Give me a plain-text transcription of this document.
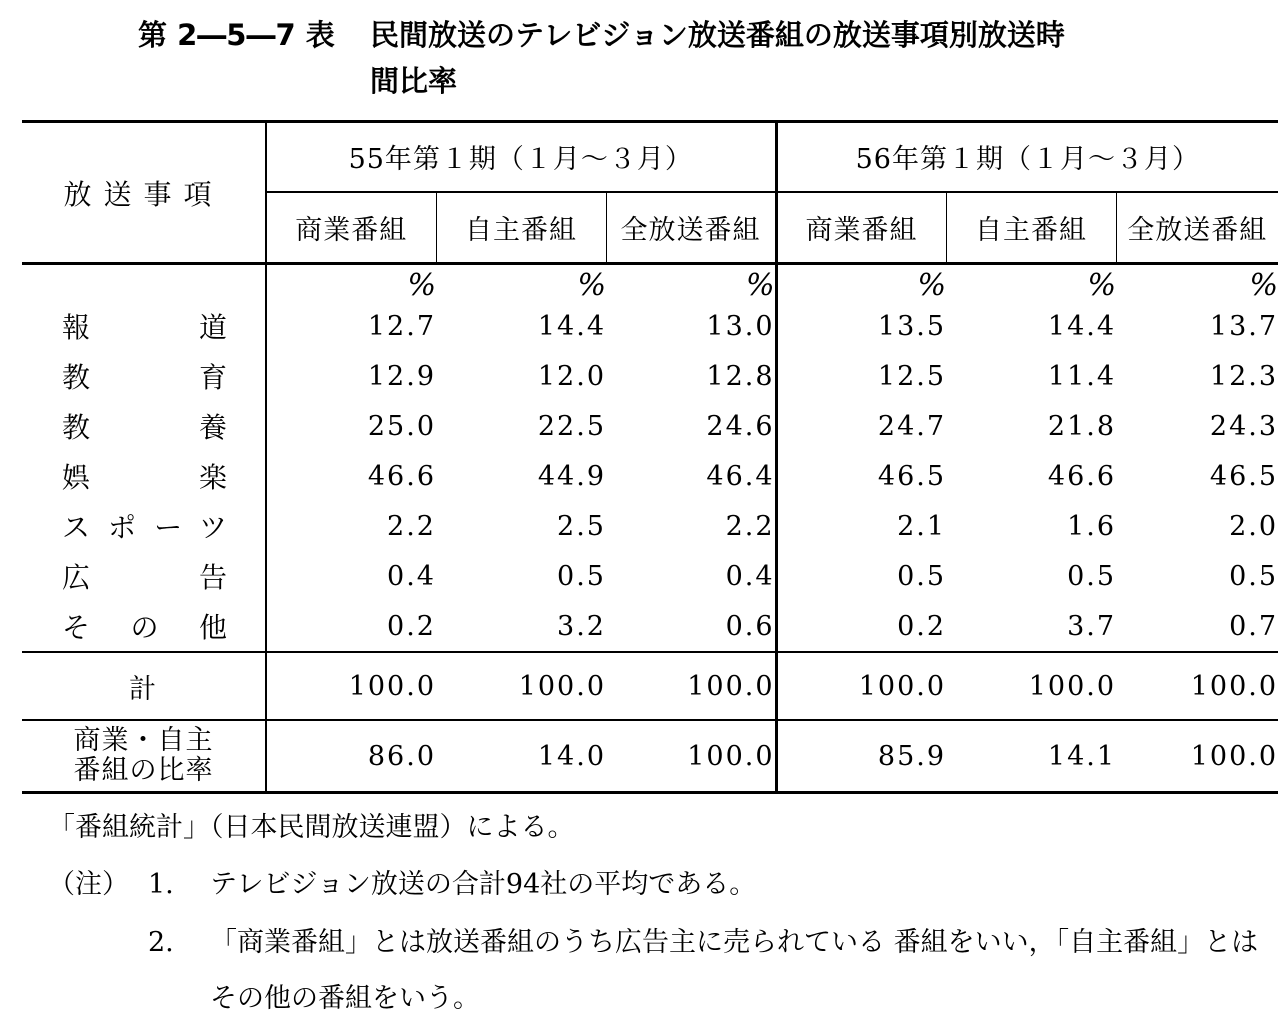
第 2―5―7 表 民間放送のテレビジョン放送番組の放送事項別放送時
間比率
放送事項	55年第１期（１月～３月）			56年第１期（１月～３月）		
	商業番組	自主番組	全放送番組	商業番組	自主番組	全放送番組
	%	%	%	%	%	%
報道	12.7	14.4	13.0	13.5	14.4	13.7
教育	12.9	12.0	12.8	12.5	11.4	12.3
教養	25.0	22.5	24.6	24.7	21.8	24.3
娯楽	46.6	44.9	46.4	46.5	46.6	46.5
スポーツ	2.2	2.5	2.2	2.1	1.6	2.0
広告	0.4	0.5	0.4	0.5	0.5	0.5
その他	0.2	3.2	0.6	0.2	3.7	0.7
計	100.0	100.0	100.0	100.0	100.0	100.0
商業・自主
番組の比率	86.0	14.0	100.0	85.9	14.1	100.0
「番組統計」（日本民間放送連盟）による。
（注） 1. テレビジョン放送の合計94社の平均である。
2.	「商業番組」とは放送番組のうち広告主に売られている 番組をいい，「自主番組」とはその他の番組をいう。
